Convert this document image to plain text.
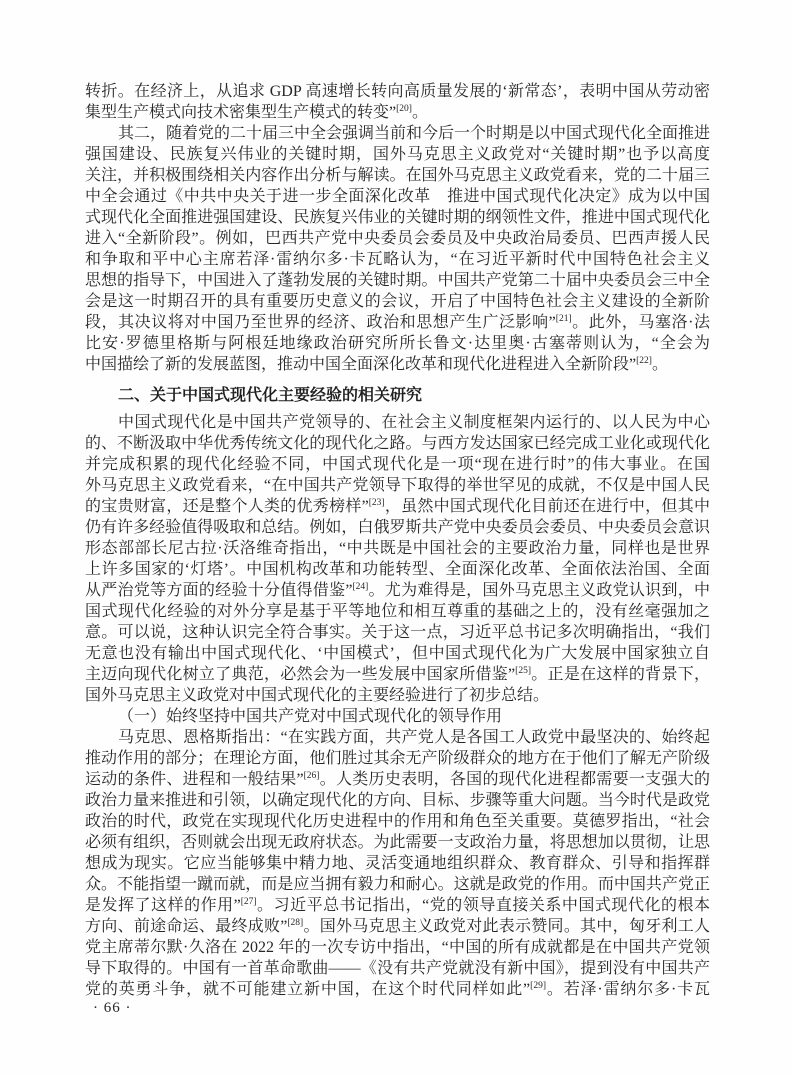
转折。在经济上，从追求 GDP 高速增长转向高质量发展的‘新常态’，表明中国从劳动密
集型生产模式向技术密集型生产模式的转变”[20]。
其二，随着党的二十届三中全会强调当前和今后一个时期是以中国式现代化全面推进
强国建设、民族复兴伟业的关键时期，国外马克思主义政党对“关键时期”也予以高度
关注，并积极围绕相关内容作出分析与解读。在国外马克思主义政党看来，党的二十届三
中全会通过《中共中央关于进一步全面深化改革　推进中国式现代化决定》成为以中国
式现代化全面推进强国建设、民族复兴伟业的关键时期的纲领性文件，推进中国式现代化
进入“全新阶段”。例如，巴西共产党中央委员会委员及中央政治局委员、巴西声援人民
和争取和平中心主席若泽·雷纳尔多·卡瓦略认为，“在习近平新时代中国特色社会主义
思想的指导下，中国进入了蓬勃发展的关键时期。中国共产党第二十届中央委员会三中全
会是这一时期召开的具有重要历史意义的会议，开启了中国特色社会主义建设的全新阶
段，其决议将对中国乃至世界的经济、政治和思想产生广泛影响”[21]。此外，马塞洛·法
比安·罗德里格斯与阿根廷地缘政治研究所所长鲁文·达里奥·古塞蒂则认为，“全会为
中国描绘了新的发展蓝图，推动中国全面深化改革和现代化进程进入全新阶段”[22]。
二、关于中国式现代化主要经验的相关研究
中国式现代化是中国共产党领导的、在社会主义制度框架内运行的、以人民为中心
的、不断汲取中华优秀传统文化的现代化之路。与西方发达国家已经完成工业化或现代化
并完成积累的现代化经验不同，中国式现代化是一项“现在进行时”的伟大事业。在国
外马克思主义政党看来，“在中国共产党领导下取得的举世罕见的成就，不仅是中国人民
的宝贵财富，还是整个人类的优秀榜样”[23]，虽然中国式现代化目前还在进行中，但其中
仍有许多经验值得吸取和总结。例如，白俄罗斯共产党中央委员会委员、中央委员会意识
形态部部长尼古拉·沃洛维奇指出，“中共既是中国社会的主要政治力量，同样也是世界
上许多国家的‘灯塔’。中国机构改革和功能转型、全面深化改革、全面依法治国、全面
从严治党等方面的经验十分值得借鉴”[24]。尤为难得是，国外马克思主义政党认识到，中
国式现代化经验的对外分享是基于平等地位和相互尊重的基础之上的，没有丝毫强加之
意。可以说，这种认识完全符合事实。关于这一点，习近平总书记多次明确指出，“我们
无意也没有输出中国式现代化、‘中国模式’，但中国式现代化为广大发展中国家独立自
主迈向现代化树立了典范，必然会为一些发展中国家所借鉴”[25]。正是在这样的背景下，
国外马克思主义政党对中国式现代化的主要经验进行了初步总结。
（一）始终坚持中国共产党对中国式现代化的领导作用
马克思、恩格斯指出：“在实践方面，共产党人是各国工人政党中最坚决的、始终起
推动作用的部分；在理论方面，他们胜过其余无产阶级群众的地方在于他们了解无产阶级
运动的条件、进程和一般结果”[26]。人类历史表明，各国的现代化进程都需要一支强大的
政治力量来推进和引领，以确定现代化的方向、目标、步骤等重大问题。当今时代是政党
政治的时代，政党在实现现代化历史进程中的作用和角色至关重要。莫德罗指出，“社会
必须有组织，否则就会出现无政府状态。为此需要一支政治力量，将思想加以贯彻，让思
想成为现实。它应当能够集中精力地、灵活变通地组织群众、教育群众、引导和指挥群
众。不能指望一蹴而就，而是应当拥有毅力和耐心。这就是政党的作用。而中国共产党正
是发挥了这样的作用”[27]。习近平总书记指出，“党的领导直接关系中国式现代化的根本
方向、前途命运、最终成败”[28]。国外马克思主义政党对此表示赞同。其中，匈牙利工人
党主席蒂尔默·久洛在 2022 年的一次专访中指出，“中国的所有成就都是在中国共产党领
导下取得的。中国有一首革命歌曲——《没有共产党就没有新中国》，提到没有中国共产
党的英勇斗争，就不可能建立新中国，在这个时代同样如此”[29]。若泽·雷纳尔多·卡瓦
· 66 ·
